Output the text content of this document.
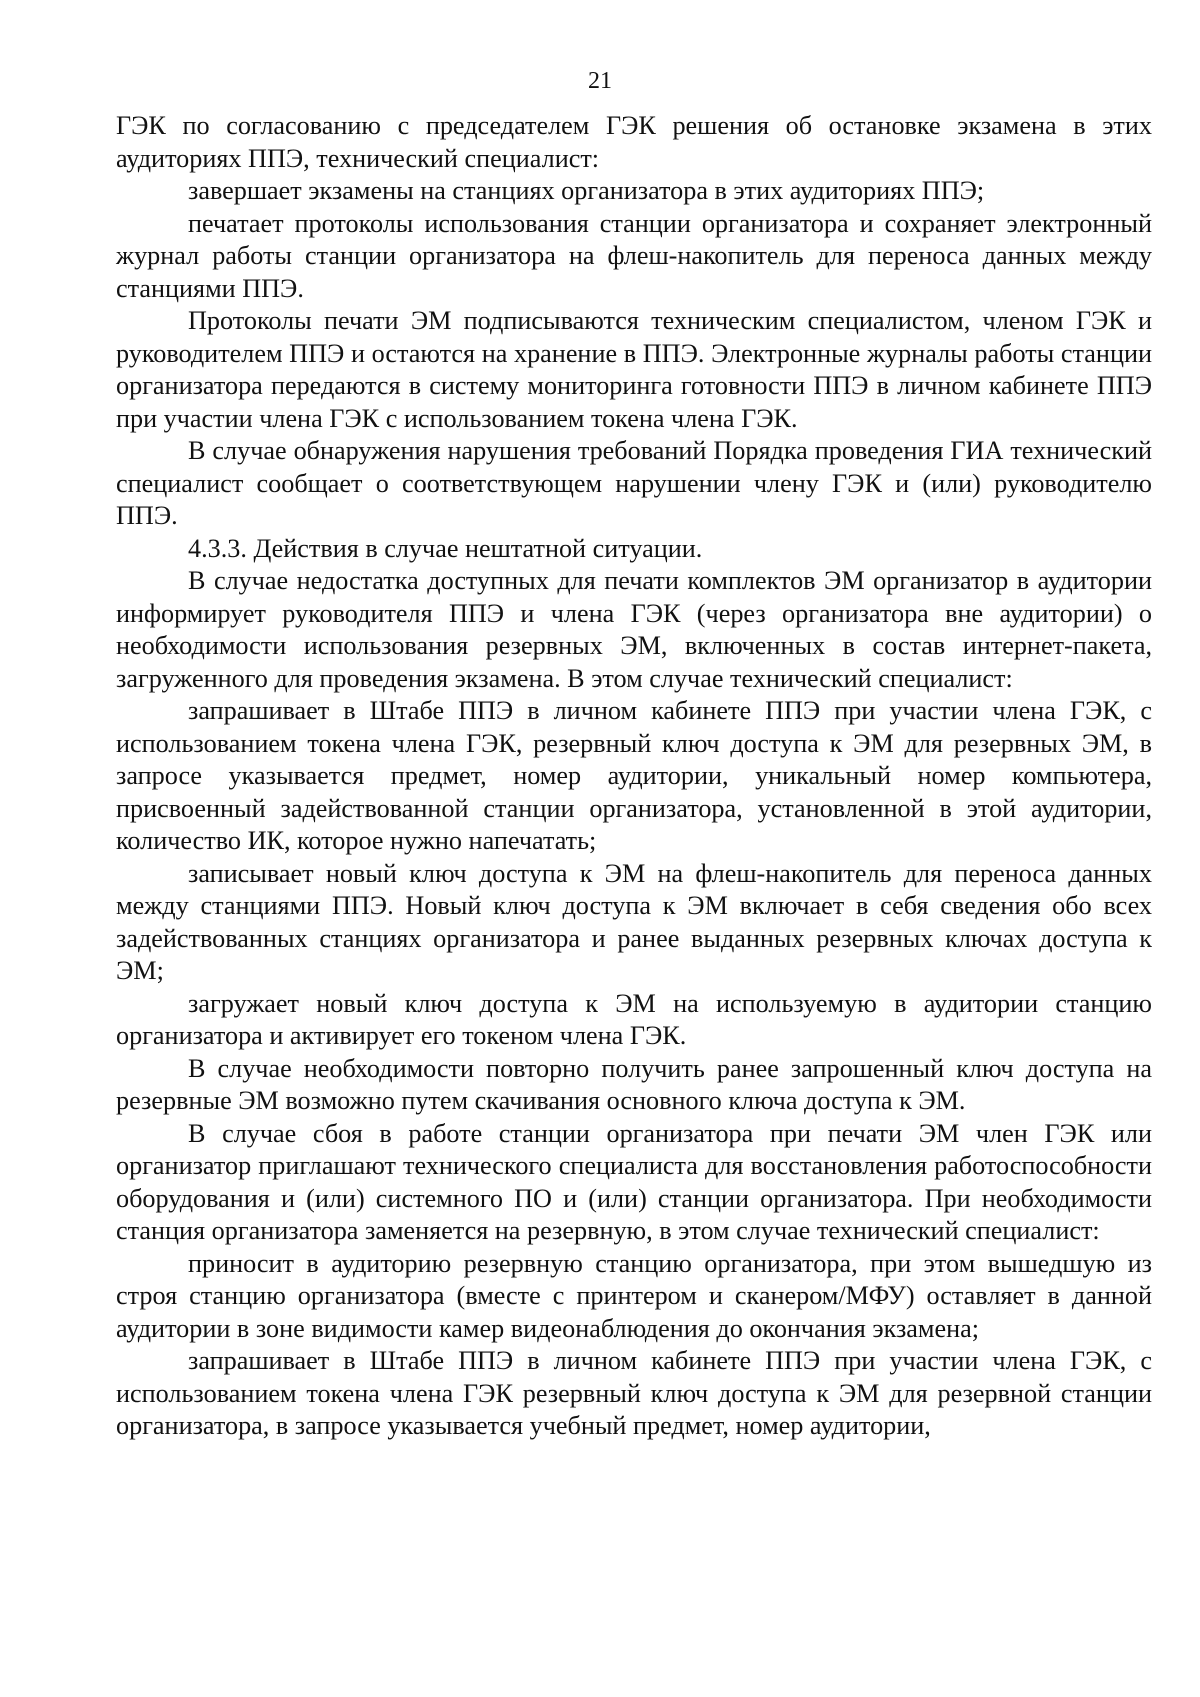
21

ГЭК по согласованию с председателем ГЭК решения об остановке экзамена в этих аудиториях ППЭ, технический специалист:

завершает экзамены на станциях организатора в этих аудиториях ППЭ;

печатает протоколы использования станции организатора и сохраняет электронный журнал работы станции организатора на флеш-накопитель для переноса данных между станциями ППЭ.

Протоколы печати ЭМ подписываются техническим специалистом, членом ГЭК и руководителем ППЭ и остаются на хранение в ППЭ. Электронные журналы работы станции организатора передаются в систему мониторинга готовности ППЭ в личном кабинете ППЭ при участии члена ГЭК с использованием токена члена ГЭК.

В случае обнаружения нарушения требований Порядка проведения ГИА технический специалист сообщает о соответствующем нарушении члену ГЭК и (или) руководителю ППЭ.

4.3.3. Действия в случае нештатной ситуации.

В случае недостатка доступных для печати комплектов ЭМ организатор в аудитории информирует руководителя ППЭ и члена ГЭК (через организатора вне аудитории) о необходимости использования резервных ЭМ, включенных в состав интернет-пакета, загруженного для проведения экзамена. В этом случае технический специалист:

запрашивает в Штабе ППЭ в личном кабинете ППЭ при участии члена ГЭК, с использованием токена члена ГЭК, резервный ключ доступа к ЭМ для резервных ЭМ, в запросе указывается предмет, номер аудитории, уникальный номер компьютера, присвоенный задействованной станции организатора, установленной в этой аудитории, количество ИК, которое нужно напечатать;

записывает новый ключ доступа к ЭМ на флеш-накопитель для переноса данных между станциями ППЭ. Новый ключ доступа к ЭМ включает в себя сведения обо всех задействованных станциях организатора и ранее выданных резервных ключах доступа к ЭМ;

загружает новый ключ доступа к ЭМ на используемую в аудитории станцию организатора и активирует его токеном члена ГЭК.

В случае необходимости повторно получить ранее запрошенный ключ доступа на резервные ЭМ возможно путем скачивания основного ключа доступа к ЭМ.

В случае сбоя в работе станции организатора при печати ЭМ член ГЭК или организатор приглашают технического специалиста для восстановления работоспособности оборудования и (или) системного ПО и (или) станции организатора. При необходимости станция организатора заменяется на резервную, в этом случае технический специалист:

приносит в аудиторию резервную станцию организатора, при этом вышедшую из строя станцию организатора (вместе с принтером и сканером/МФУ) оставляет в данной аудитории в зоне видимости камер видеонаблюдения до окончания экзамена;

запрашивает в Штабе ППЭ в личном кабинете ППЭ при участии члена ГЭК, с использованием токена члена ГЭК резервный ключ доступа к ЭМ для резервной станции организатора, в запросе указывается учебный предмет, номер аудитории,
